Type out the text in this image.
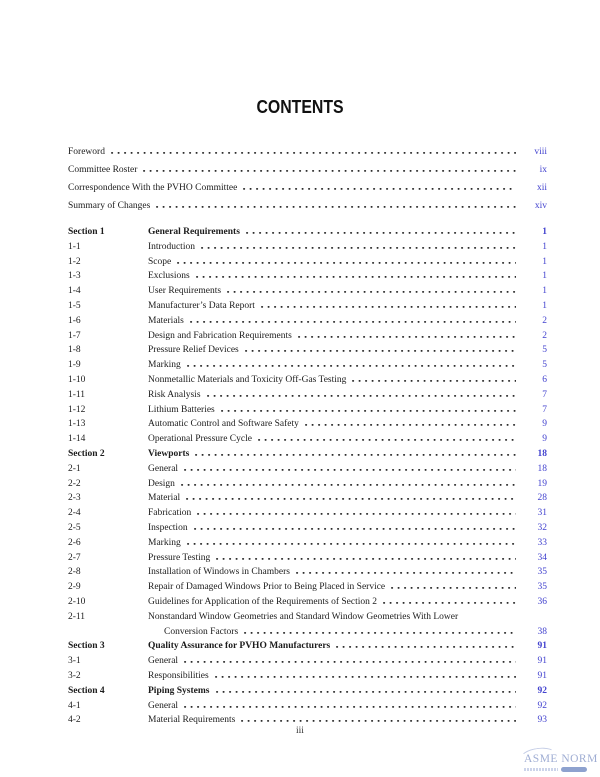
CONTENTS
Foreword	viii
Committee Roster	ix
Correspondence With the PVHO Committee	xii
Summary of Changes	xiv
Section 1	General Requirements	1
1-1	Introduction	1
1-2	Scope	1
1-3	Exclusions	1
1-4	User Requirements	1
1-5	Manufacturer’s Data Report	1
1-6	Materials	2
1-7	Design and Fabrication Requirements	2
1-8	Pressure Relief Devices	5
1-9	Marking	5
1-10	Nonmetallic Materials and Toxicity Off-Gas Testing	6
1-11	Risk Analysis	7
1-12	Lithium Batteries	7
1-13	Automatic Control and Software Safety	9
1-14	Operational Pressure Cycle	9
Section 2	Viewports	18
2-1	General	18
2-2	Design	19
2-3	Material	28
2-4	Fabrication	31
2-5	Inspection	32
2-6	Marking	33
2-7	Pressure Testing	34
2-8	Installation of Windows in Chambers	35
2-9	Repair of Damaged Windows Prior to Being Placed in Service	35
2-10	Guidelines for Application of the Requirements of Section 2	36
2-11	Nonstandard Window Geometries and Standard Window Geometries With Lower
Conversion Factors	38
Section 3	Quality Assurance for PVHO Manufacturers	91
3-1	General	91
3-2	Responsibilities	91
Section 4	Piping Systems	92
4-1	General	92
4-2	Material Requirements	93
iii
ASME NORM
